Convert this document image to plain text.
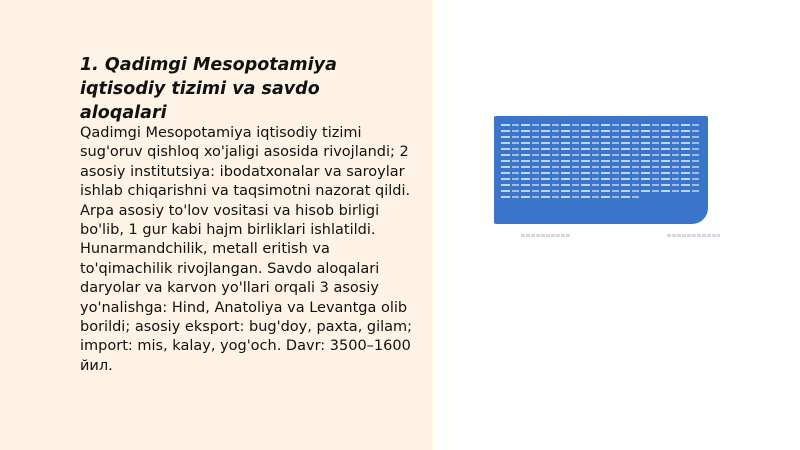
1. Qadimgi Mesopotamiya iqtisodiy tizimi va savdo aloqalari

Qadimgi Mesopotamiya iqtisodiy tizimi sug'oruv qishloq xo'jaligi asosida rivojlandi; 2 asosiy institutsiya: ibodatxonalar va saroylar ishlab chiqarishni va taqsimotni nazorat qildi. Arpa asosiy to'lov vositasi va hisob birligi bo'lib, 1 gur kabi hajm birliklari ishlatildi. Hunarmandchilik, metall eritish va to'qimachilik rivojlangan. Savdo aloqalari daryolar va karvon yo'llari orqali 3 asosiy yo'nalishga: Hind, Anatoliya va Levantga olib borildi; asosiy eksport: bug'doy, paxta, gilam; import: mis, kalay, yog'och. Davr: 3500–1600 йил.
